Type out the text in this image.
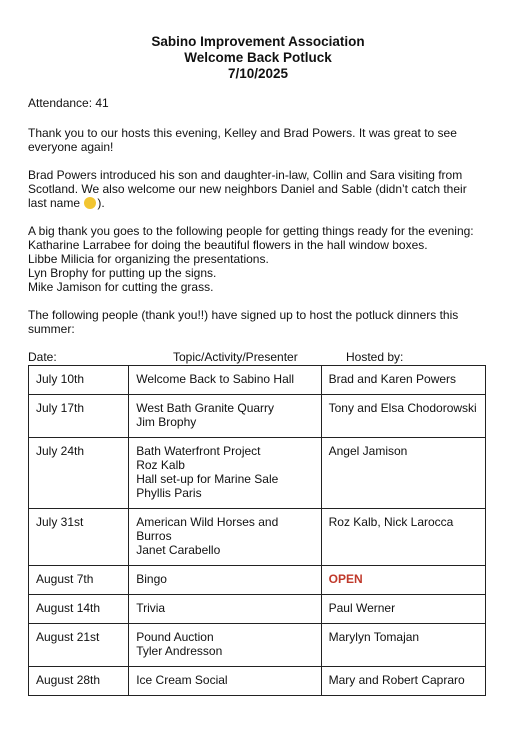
Sabino Improvement Association
Welcome Back Potluck
7/10/2025

Attendance: 41

Thank you to our hosts this evening, Kelley and Brad Powers. It was great to see everyone again!

Brad Powers introduced his son and daughter-in-law, Collin and Sara visiting from Scotland. We also welcome our new neighbors Daniel and Sable (didn’t catch their last name ).

A big thank you goes to the following people for getting things ready for the evening:
Katharine Larrabee for doing the beautiful flowers in the hall window boxes.
Libbe Milicia for organizing the presentations.
Lyn Brophy for putting up the signs.
Mike Jamison for cutting the grass.

The following people (thank you!!) have signed up to host the potluck dinners this summer:

Date:	Topic/Activity/Presenter	Hosted by:
July 10th	Welcome Back to Sabino Hall	Brad and Karen Powers
July 17th	West Bath Granite Quarry
Jim Brophy	Tony and Elsa Chodorowski
July 24th	Bath Waterfront Project
Roz Kalb
Hall set-up for Marine Sale
Phyllis Paris	Angel Jamison
July 31st	American Wild Horses and Burros
Janet Carabello	Roz Kalb, Nick Larocca
August 7th	Bingo	OPEN
August 14th	Trivia	Paul Werner
August 21st	Pound Auction
Tyler Andresson	Marylyn Tomajan
August 28th	Ice Cream Social	Mary and Robert Capraro
